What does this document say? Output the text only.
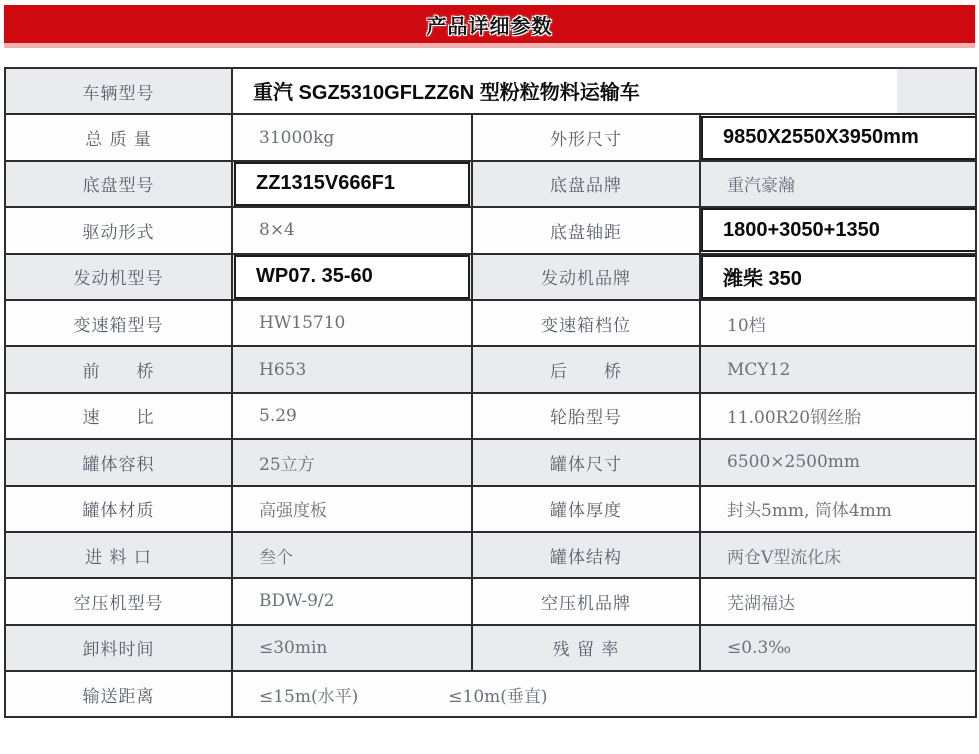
产品详细参数
车辆型号	重汽 SGZ5310GFLZZ6N 型粉粒物料运输车		

总 质 量	31000kg	外形尺寸	9850X2550X3950mm

底盘型号	ZZ1315V666F1	底盘品牌	重汽豪瀚
驱动形式	8×4	底盘轴距	1800+3050+1350

发动机型号	WP07. 35-60	发动机品牌	潍柴 350

变速箱型号	HW15710	变速箱档位	10档
前　　桥	H653	后　　桥	MCY12
速　　比	5.29	轮胎型号	11.00R20钢丝胎
罐体容积	25立方	罐体尺寸	6500×2500mm
罐体材质	高强度板	罐体厚度	封头5mm, 筒体4mm
进 料 口	叁个	罐体结构	两仓V型流化床
空压机型号	BDW-9/2	空压机品牌	芜湖福达
卸料时间	≤30min	残 留 率	≤0.3‰
输送距离	≤15m(水平) ≤10m(垂直)		
